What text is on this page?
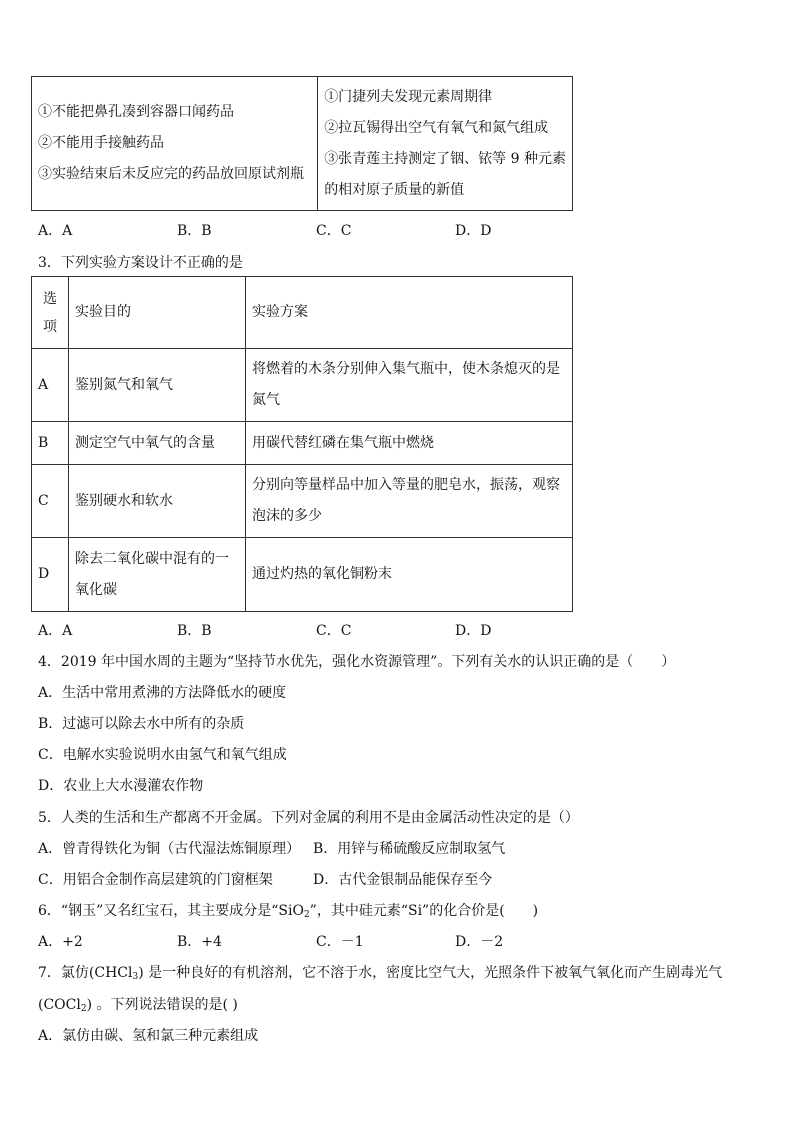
①不能把鼻孔凑到容器口闻药品
②不能用手接触药品
③实验结束后未反应完的药品放回原试剂瓶

①门捷列夫发现元素周期律
②拉瓦锡得出空气有氧气和氮气组成
③张青莲主持测定了铟、铱等 9 种元素
的相对原子质量的新值
A．A	B．B	C．C	D．D
3．下列实验方案设计不正确的是
选
项	实验目的	实验方案
A	鉴别氮气和氧气	将燃着的木条分别伸入集气瓶中，使木条熄灭的是
氮气

B	测定空气中氧气的含量	用碳代替红磷在集气瓶中燃烧
C	鉴别硬水和软水	分别向等量样品中加入等量的肥皂水，振荡，观察
泡沫的多少

D	除去二氧化碳中混有的一
氧化碳	通过灼热的氧化铜粉末
A．A	B．B	C．C	D．D
4．2019 年中国水周的主题为“坚持节水优先，强化水资源管理”。下列有关水的认识正确的是（　　）
A．生活中常用煮沸的方法降低水的硬度
B．过滤可以除去水中所有的杂质
C．电解水实验说明水由氢气和氧气组成
D．农业上大水漫灌农作物
5．人类的生活和生产都离不开金属。下列对金属的利用不是由金属活动性决定的是（）
A．曾青得铁化为铜（古代湿法炼铜原理） B．用锌与稀硫酸反应制取氢气
C．用铝合金制作高层建筑的门窗框架	D．古代金银制品能保存至今
6．“钢玉”又名红宝石，其主要成分是“SiO$_2$”，其中硅元素“Si”的化合价是(　　)
A．+2	B．+4	C．－1	D．－2
7．氯仿(CHCl$_3$) 是一种良好的有机溶剂，它不溶于水，密度比空气大，光照条件下被氧气氧化而产生剧毒光气
(COCl$_2$) 。下列说法错误的是( )
A．氯仿由碳、氢和氯三种元素组成
